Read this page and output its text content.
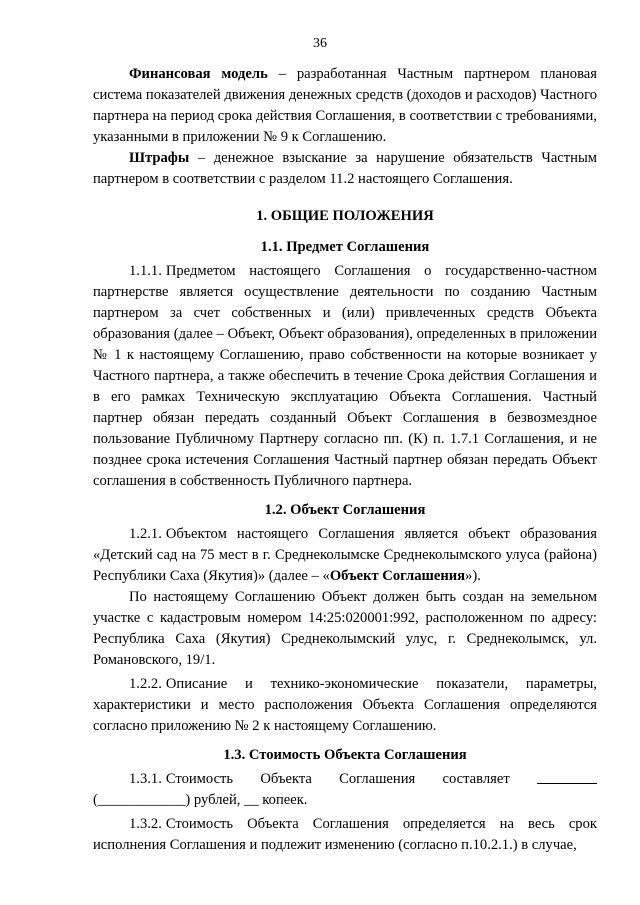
36

Финансовая модель – разработанная Частным партнером плановая система показателей движения денежных средств (доходов и расходов) Частного партнера на период срока действия Соглашения, в соответствии с требованиями, указанными в приложении № 9 к Соглашению.

Штрафы – денежное взыскание за нарушение обязательств Частным партнером в соответствии с разделом 11.2 настоящего Соглашения.

1. ОБЩИЕ ПОЛОЖЕНИЯ
1.1. Предмет Соглашения

1.1.1. Предметом настоящего Соглашения о государственно-частном партнерстве является осуществление деятельности по созданию Частным партнером за счет собственных и (или) привлеченных средств Объекта образования (далее – Объект, Объект образования), определенных в приложении № 1 к настоящему Соглашению, право собственности на которые возникает у Частного партнера, а также обеспечить в течение Срока действия Соглашения и в его рамках Техническую эксплуатацию Объекта Соглашения. Частный партнер обязан передать созданный Объект Соглашения в безвозмездное пользование Публичному Партнеру согласно пп. (К) п. 1.7.1 Соглашения, и не позднее срока истечения Соглашения Частный партнер обязан передать Объект соглашения в собственность Публичного партнера.

1.2. Объект Соглашения

1.2.1. Объектом настоящего Соглашения является объект образования «Детский сад на 75 мест в г. Среднеколымске Среднеколымского улуса (района) Республики Саха (Якутия)» (далее – «Объект Соглашения»).

По настоящему Соглашению Объект должен быть создан на земельном участке с кадастровым номером 14:25:020001:992, расположенном по адресу: Республика Саха (Якутия) Среднеколымский улус, г. Среднеколымск, ул. Романовского, 19/1.

1.2.2. Описание и технико-экономические показатели, параметры, характеристики и место расположения Объекта Соглашения определяются согласно приложению № 2 к настоящему Соглашению.

1.3. Стоимость Объекта Соглашения
1.3.1. Стоимость Объекта Соглашения составляет

(____________) рублей, __ копеек.

1.3.2. Стоимость Объекта Соглашения определяется на весь срок исполнения Соглашения и подлежит изменению (согласно п.10.2.1.) в случае,
